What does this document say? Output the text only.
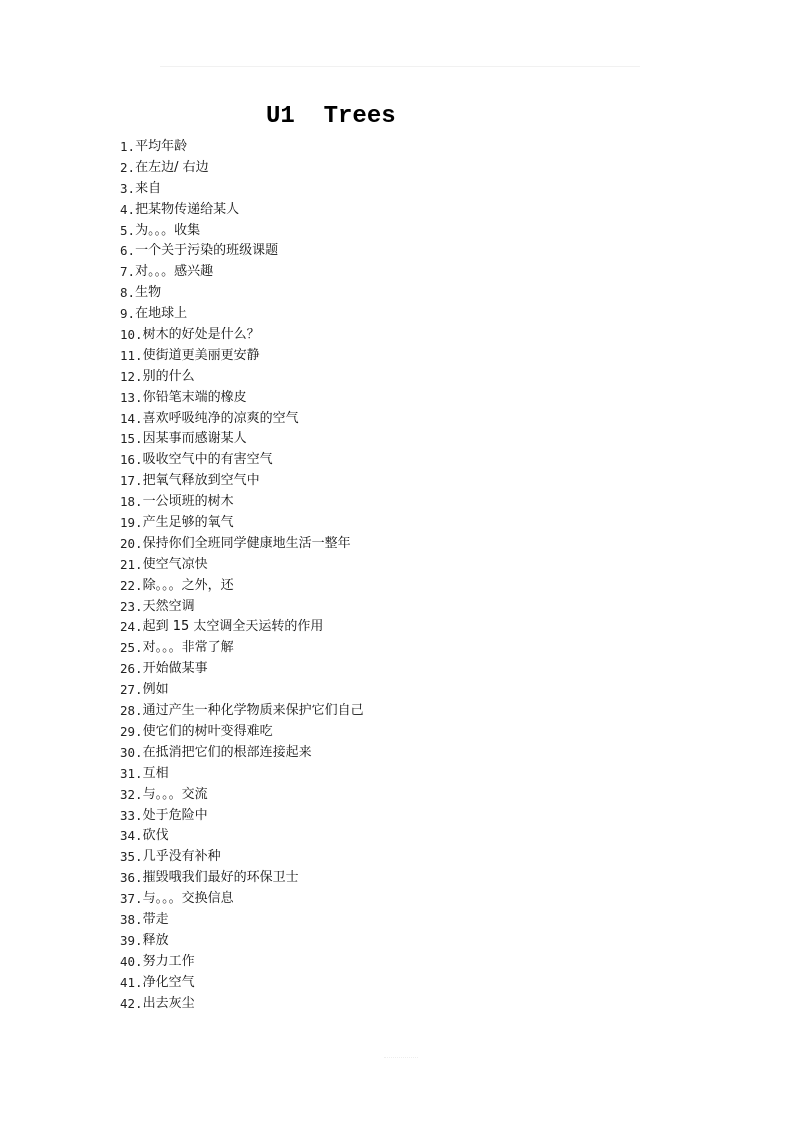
U1  Trees
1. 平均年龄
2. 在左边/ 右边
3. 来自
4. 把某物传递给某人
5. 为。。。收集
6. 一个关于污染的班级课题
7. 对。。。感兴趣
8. 生物
9. 在地球上
10. 树木的好处是什么？
11. 使街道更美丽更安静
12. 别的什么
13. 你铅笔末端的橡皮
14. 喜欢呼吸纯净的凉爽的空气
15. 因某事而感谢某人
16. 吸收空气中的有害空气
17. 把氧气释放到空气中
18. 一公顷班的树木
19. 产生足够的氧气
20. 保持你们全班同学健康地生活一整年
21. 使空气凉快
22. 除。。。之外，还
23. 天然空调
24. 起到 15 太空调全天运转的作用
25. 对。。。非常了解
26. 开始做某事
27. 例如
28. 通过产生一种化学物质来保护它们自己
29. 使它们的树叶变得难吃
30. 在抵消把它们的根部连接起来
31. 互相
32. 与。。。交流
33. 处于危险中
34. 砍伐
35. 几乎没有补种
36. 摧毁哦我们最好的环保卫士
37. 与。。。交换信息
38. 带走
39. 释放
40. 努力工作
41. 净化空气
42. 出去灰尘
